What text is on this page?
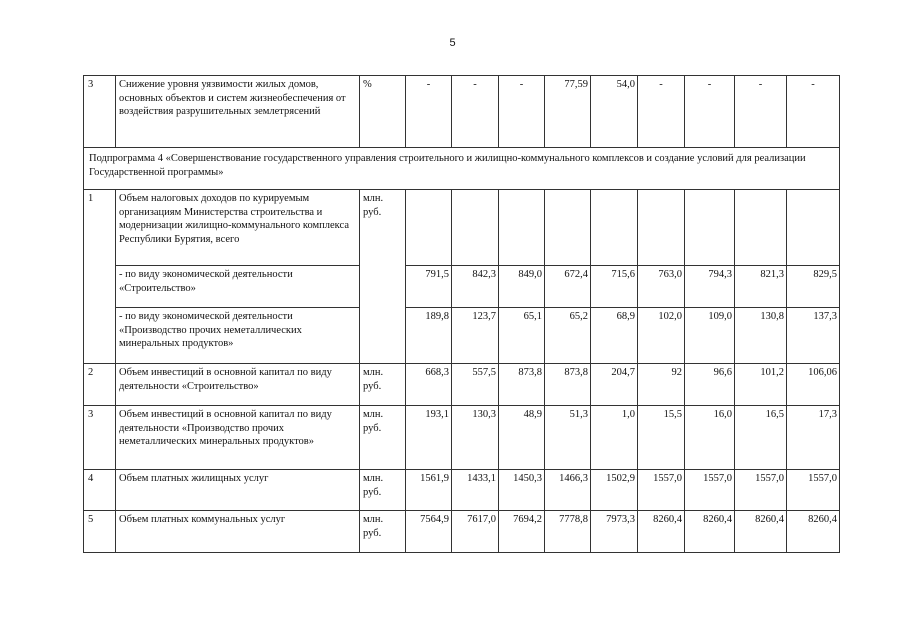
5
3	Снижение уровня уязвимости жилых домов, основных объектов и систем жизнеобеспечения от воздействия разрушительных землетрясений	%	-	-	-	77,59	54,0	-	-	-	-
Подпрограмма 4 «Совершенствование государственного управления строительного и жилищно-коммунального комплексов и создание условий для реализации Государственной программы»											
1	Объем налоговых доходов по курируемым организациям Министерства строительства и модернизации жилищно-коммунального комплекса Республики Бурятия, всего	млн. руб.									
	- по виду экономической деятельности «Строительство»		791,5	842,3	849,0	672,4	715,6	763,0	794,3	821,3	829,5
	- по виду экономической деятельности «Производство прочих неметаллических минеральных продуктов»		189,8	123,7	65,1	65,2	68,9	102,0	109,0	130,8	137,3
2	Объем инвестиций в основной капитал по виду деятельности «Строительство»	млн. руб.	668,3	557,5	873,8	873,8	204,7	92	96,6	101,2	106,06
3	Объем инвестиций в основной капитал по виду деятельности «Производство прочих неметаллических минеральных продуктов»	млн. руб.	193,1	130,3	48,9	51,3	1,0	15,5	16,0	16,5	17,3
4	Объем платных жилищных услуг	млн. руб.	1561,9	1433,1	1450,3	1466,3	1502,9	1557,0	1557,0	1557,0	1557,0
5	Объем платных коммунальных услуг	млн. руб.	7564,9	7617,0	7694,2	7778,8	7973,3	8260,4	8260,4	8260,4	8260,4
